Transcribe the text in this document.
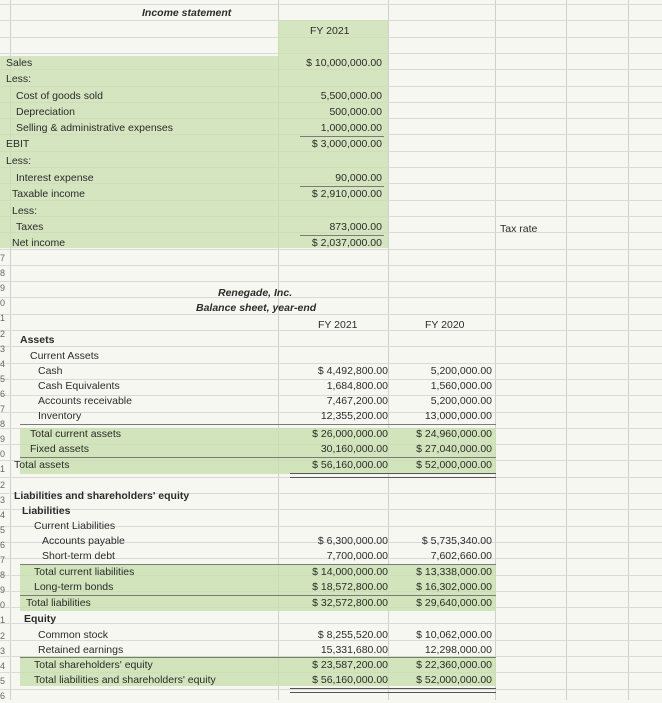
Income statement
FY 2021
Sales	$ 10,000,000.00
Less:
Cost of goods sold	5,500,000.00
Depreciation	500,000.00
Selling & administrative expenses	1,000,000.00
EBIT	$ 3,000,000.00
Less:
Interest expense	90,000.00
Taxable income	$ 2,910,000.00
Less:
Taxes	873,000.00
Net income	$ 2,037,000.00
Tax rate
Renegade, Inc.
Balance sheet, year-end
FY 2021	FY 2020
Assets
Current Assets
Cash	$ 4,492,800.00	5,200,000.00
Cash Equivalents	1,684,800.00	1,560,000.00
Accounts receivable	7,467,200.00	5,200,000.00
Inventory	12,355,200.00	13,000,000.00
Total current assets	$ 26,000,000.00	$ 24,960,000.00
Fixed assets	30,160,000.00	$ 27,040,000.00
Total assets	$ 56,160,000.00	$ 52,000,000.00
Liabilities and shareholders' equity
Liabilities
Current Liabilities
Accounts payable	$ 6,300,000.00	$ 5,735,340.00
Short-term debt	7,700,000.00	7,602,660.00
Total current liabilities	$ 14,000,000.00	$ 13,338,000.00
Long-term bonds	$ 18,572,800.00	$ 16,302,000.00
Total liabilities	$ 32,572,800.00	$ 29,640,000.00
Equity
Common stock	$ 8,255,520.00	$ 10,062,000.00
Retained earnings	15,331,680.00	12,298,000.00
Total shareholders' equity	$ 23,587,200.00	$ 22,360,000.00
Total liabilities and shareholders' equity	$ 56,160,000.00	$ 52,000,000.00
7
8
9
0
1
2
3
4
5
6
7
8
9
0
1
2
3
4
5
6
7
8
9
0
1
2
3
4
5
6
